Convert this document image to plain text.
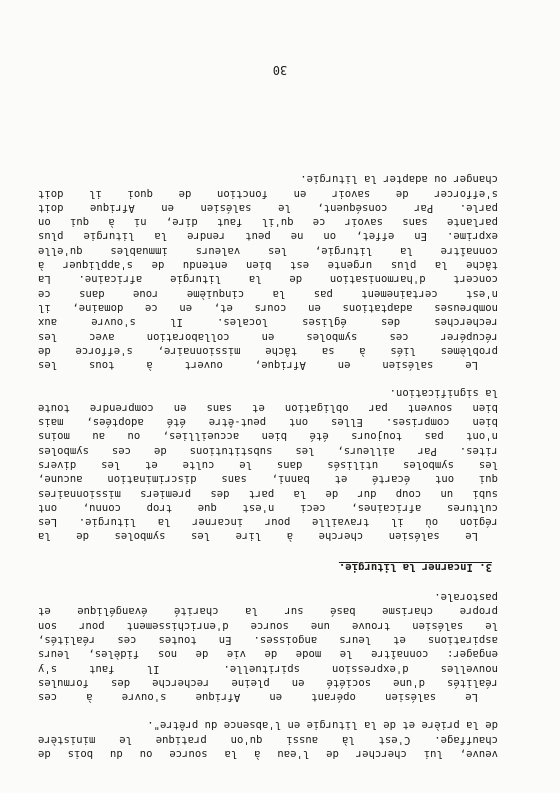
veuve, lui chercher de l'eau à la source ou du bois de
chauffage. C'est là aussi qu'on pratique le ministère
de la prière et de la liturgie en l'absence du prêtre".
Le salésien opérant en Afrique s'ouvre à ces
réalités d'une société en pleine recherche des formules
nouvelles d'expression spirituelle.  Il faut s'y
engager: connaître le mode de vie de nos fidèles, leurs
aspirations et leurs angoisses. En toutes ces réalités,
le salésien trouve une source d'enrichissement pour son
propre charisme basé sur la charité évangélique et
pastorale.
3. Incarner la liturgie.
Le salésien cherche à lire les symboles de la
région où il travaille pour incarner la liturgie. Les
cultures africaines, ceci n'est que trop connu, ont
subi un coup dur de la part des premiers missionnaires
qui ont écarté et banni, sans discrimination aucune,
les symboles utilisés dans le culte et les divers
rites. Par ailleurs, les substitutions de ces symboles
n'ont pas toujours été bien accueillies, ou au moins
bien comprises. Elles ont peut-être été adoptées, mais
bien souvent par obligation et sans en comprendre toute
la signification.
Le salésien en Afrique, ouvert à tous les
problèmes liés à sa tâche missionnaire, s'efforce de
récupérer ces symboles en collaboration avec les
recherches des églises locales. Il s'ouvre aux
nombreuses adaptations en cours et, en ce domaine, il
n'est certainement pas la cinquième roue dans ce
concert d'harmonisation de la liturgie africaine. La
tâche la plus urgente est bien entendu de s'appliquer à
connaître la liturgie, les valeurs immuables qu'elle
exprime. En effet, on ne peut rendre la liturgie plus
parlante sans savoir ce qu'il faut dire, ni à qui on
parle. Par conséquent, le salésien en Afrique doit
s'efforcer de savoir en fonction de quoi il doit
changer ou adapter la liturgie.
30
